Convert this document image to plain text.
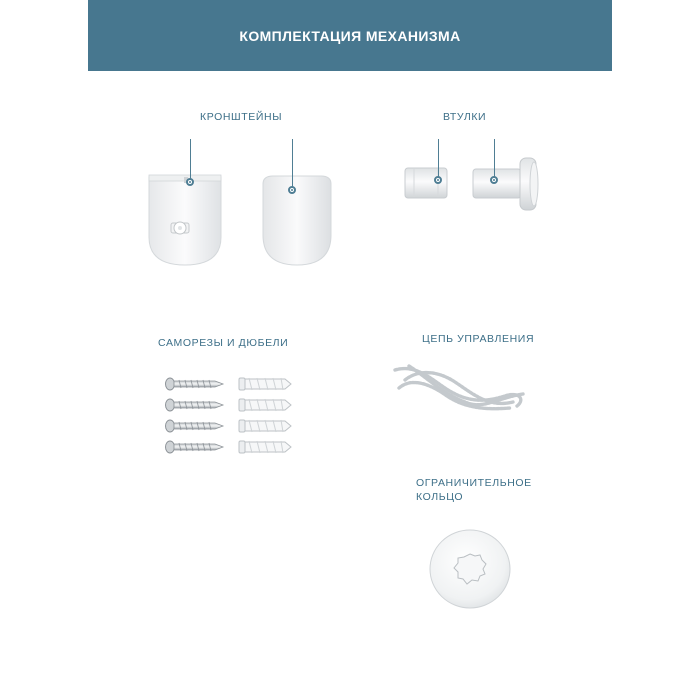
КОМПЛЕКТАЦИЯ МЕХАНИЗМА
КРОНШТЕЙНЫ	ВТУЛКИ
САМОРЕЗЫ И ДЮБЕЛИ	ЦЕПЬ УПРАВЛЕНИЯ
ОГРАНИЧИТЕЛЬНОЕ
КОЛЬЦО
